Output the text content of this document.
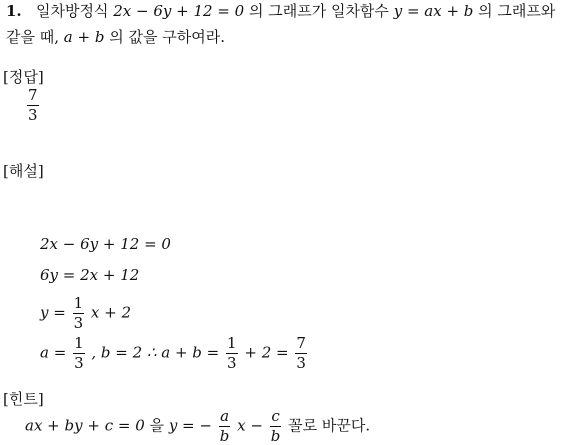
1. 일차방정식 2x − 6y + 12 = 0 의 그래프가 일차함수 y = ax + b 의 그래프와
같을 때, a + b 의 값을 구하여라.
[정답]
$\frac{7}{3}$
[해설]
2x − 6y + 12 = 0
6y = 2x + 12
$y = \frac{1}{3}$ x + 2
$a = \frac{1}{3}$ , b = 2 ∴ $a + b = \frac{1}{3} + 2 = \frac{7}{3}$
[힌트]
ax + by + c = 0 을 y = − $\frac{a}{b}$ $x - \frac{c}{b}$ 꼴로 바꾼다.
